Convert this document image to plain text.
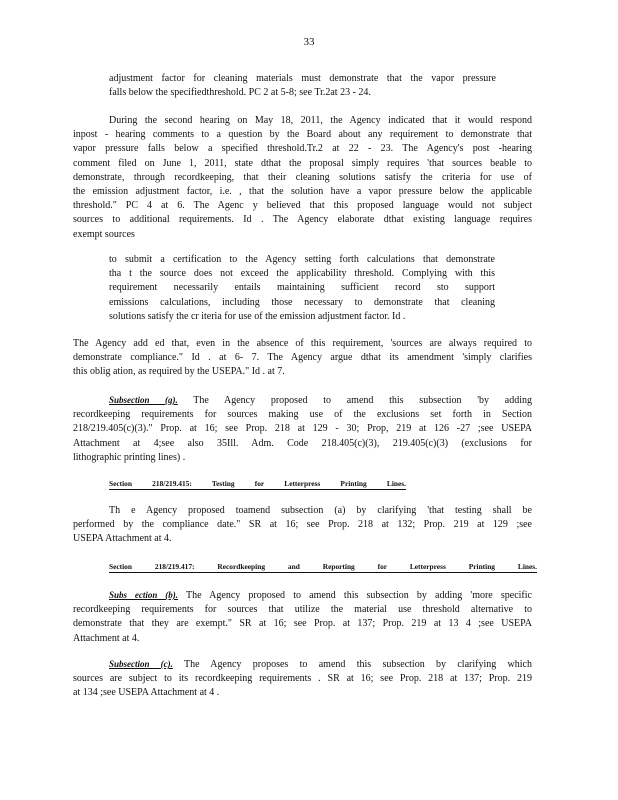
33
adjustment factor for cleaning materials must demonstrate that the vapor pressure
falls below the specifiedthreshold. PC 2 at 5-8; see Tr.2at 23 - 24.
During the second hearing on May 18, 2011, the Agency indicated that it would respond
inpost - hearing comments to a question by the Board about any requirement to demonstrate that
vapor pressure falls below a specified threshold.Tr.2 at 22 - 23. The Agency's post -hearing
comment filed on June 1, 2011, state dthat the proposal simply requires 'that sources beable to
demonstrate, through recordkeeping, that their cleaning solutions satisfy the criteria for use of
the emission adjustment factor, i.e. , that the solution have a vapor pressure below the applicable
threshold." PC 4 at 6. The Agenc y believed that this proposed language would not subject
sources to additional requirements. Id . The Agency elaborate dthat existing language requires
exempt sources
to submit a certification to the Agency setting forth calculations that demonstrate
tha t the source does not exceed the applicability threshold. Complying with this
requirement necessarily entails maintaining sufficient record sto support
emissions calculations, including those necessary to demonstrate that cleaning
solutions satisfy the cr iteria for use of the emission adjustment factor. Id .
The Agency add ed that, even in the absence of this requirement, 'sources are always required to
demonstrate compliance." Id . at 6- 7. The Agency argue dthat its amendment 'simply clarifies
this oblig ation, as required by the USEPA." Id . at 7.
Subsection (g). The Agency proposed to amend this subsection 'by adding
recordkeeping requirements for sources making use of the exclusions set forth in Section
218/219.405(c)(3)." Prop. at 16; see Prop. 218 at 129 - 30; Prop, 219 at 126 -27 ;see USEPA
Attachment at 4;see also 35Ill. Adm. Code 218.405(c)(3), 219.405(c)(3) (exclusions for
lithographic printing lines) .
Section 218/219.415: Testing for Letterpress Printing Lines.
Th e Agency proposed toamend subsection (a) by clarifying 'that testing shall be
performed by the compliance date." SR at 16; see Prop. 218 at 132; Prop. 219 at 129 ;see
USEPA Attachment at 4.
Section 218/219.417: Recordkeeping and Reporting for Letterpress Printing Lines.
Subs ection (b). The Agency proposed to amend this subsection by adding 'more specific
recordkeeping requirements for sources that utilize the material use threshold alternative to
demonstrate that they are exempt." SR at 16; see Prop. at 137; Prop. 219 at 13 4 ;see USEPA
Attachment at 4.
Subsection (c). The Agency proposes to amend this subsection by clarifying which
sources are subject to its recordkeeping requirements . SR at 16; see Prop. 218 at 137; Prop. 219
at 134 ;see USEPA Attachment at 4 .
